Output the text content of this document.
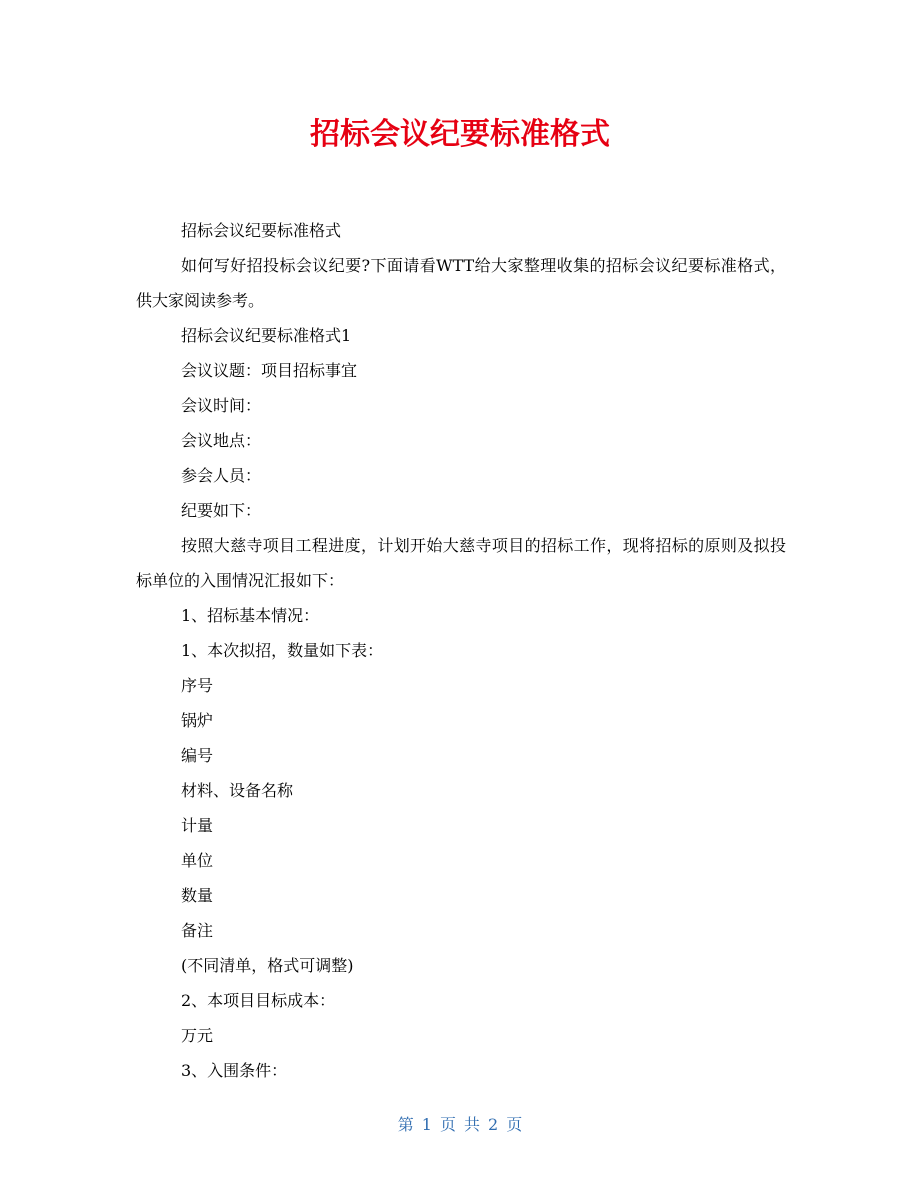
招标会议纪要标准格式

招标会议纪要标准格式

如何写好招投标会议纪要?下面请看WTT给大家整理收集的招标会议纪要标准格式，供大家阅读参考。

招标会议纪要标准格式1

会议议题：项目招标事宜

会议时间：

会议地点：

参会人员：

纪要如下：

按照大慈寺项目工程进度，计划开始大慈寺项目的招标工作，现将招标的原则及拟投标单位的入围情况汇报如下：

1、招标基本情况：

1、本次拟招，数量如下表：

序号

锅炉

编号

材料、设备名称

计量

单位

数量

备注

(不同清单，格式可调整)

2、本项目目标成本：

万元

3、入围条件：

第 1 页 共 2 页
